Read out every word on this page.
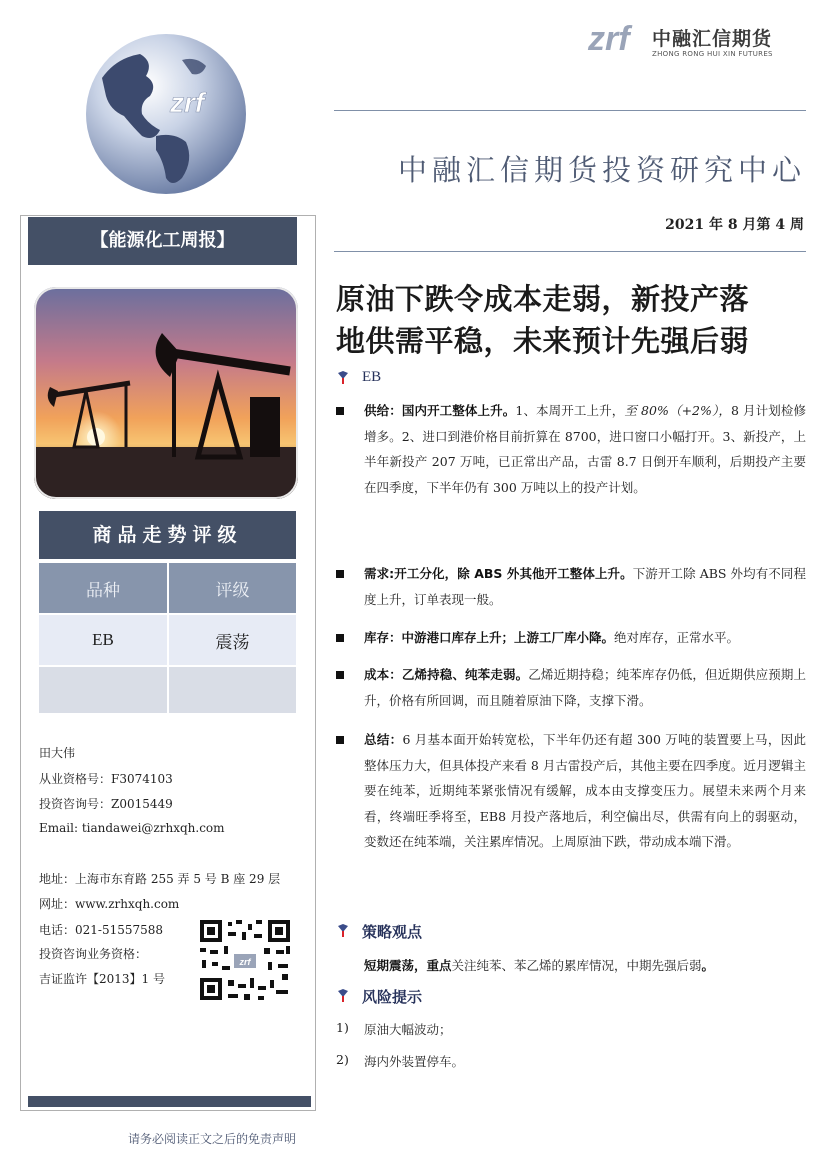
zrf
zrf 中融汇信期货
ZHONG RONG HUI XIN FUTURES
中融汇信期货投资研究中心
2021 年 8 月第 4 周
【能源化工周报】
商品走势评级
品种	评级
EB	震荡
田大伟
从业资格号：F3074103
投资咨询号：Z0015449
Email: tiandawei@zrhxqh.com
地址：上海市东育路 255 弄 5 号 B 座 29 层
网址：www.zrhxqh.com
电话：021-51557588
投资咨询业务资格：
吉证监许【2013】1 号
zrf
请务必阅读正文之后的免责声明
原油下跌令成本走弱，新投产落
地供需平稳，未来预计先强后弱
EB
供给：国内开工整体上升。1、本周开工上升，至 80%（+2%），8 月计划检修增多。2、进口到港价格目前折算在 8700，进口窗口小幅打开。3、新投产，上半年新投产 207 万吨，已正常出产品，古雷 8.7 日倒开车顺利，后期投产主要在四季度，下半年仍有 300 万吨以上的投产计划。
需求:开工分化，除 ABS 外其他开工整体上升。下游开工除 ABS 外均有不同程度上升，订单表现一般。
库存：中游港口库存上升；上游工厂库小降。绝对库存，正常水平。
成本：乙烯持稳、纯苯走弱。乙烯近期持稳；纯苯库存仍低，但近期供应预期上升，价格有所回调，而且随着原油下降，支撑下滑。
总结：6 月基本面开始转宽松，下半年仍还有超 300 万吨的装置要上马，因此整体压力大，但具体投产来看 8 月古雷投产后，其他主要在四季度。近月逻辑主要在纯苯，近期纯苯紧张情况有缓解，成本由支撑变压力。展望未来两个月来看，终端旺季将至，EB8 月投产落地后，利空偏出尽，供需有向上的弱驱动，变数还在纯苯端，关注累库情况。上周原油下跌，带动成本端下滑。
策略观点
短期震荡，重点关注纯苯、苯乙烯的累库情况，中期先强后弱。
风险提示
1) 原油大幅波动；
2) 海内外装置停车。
